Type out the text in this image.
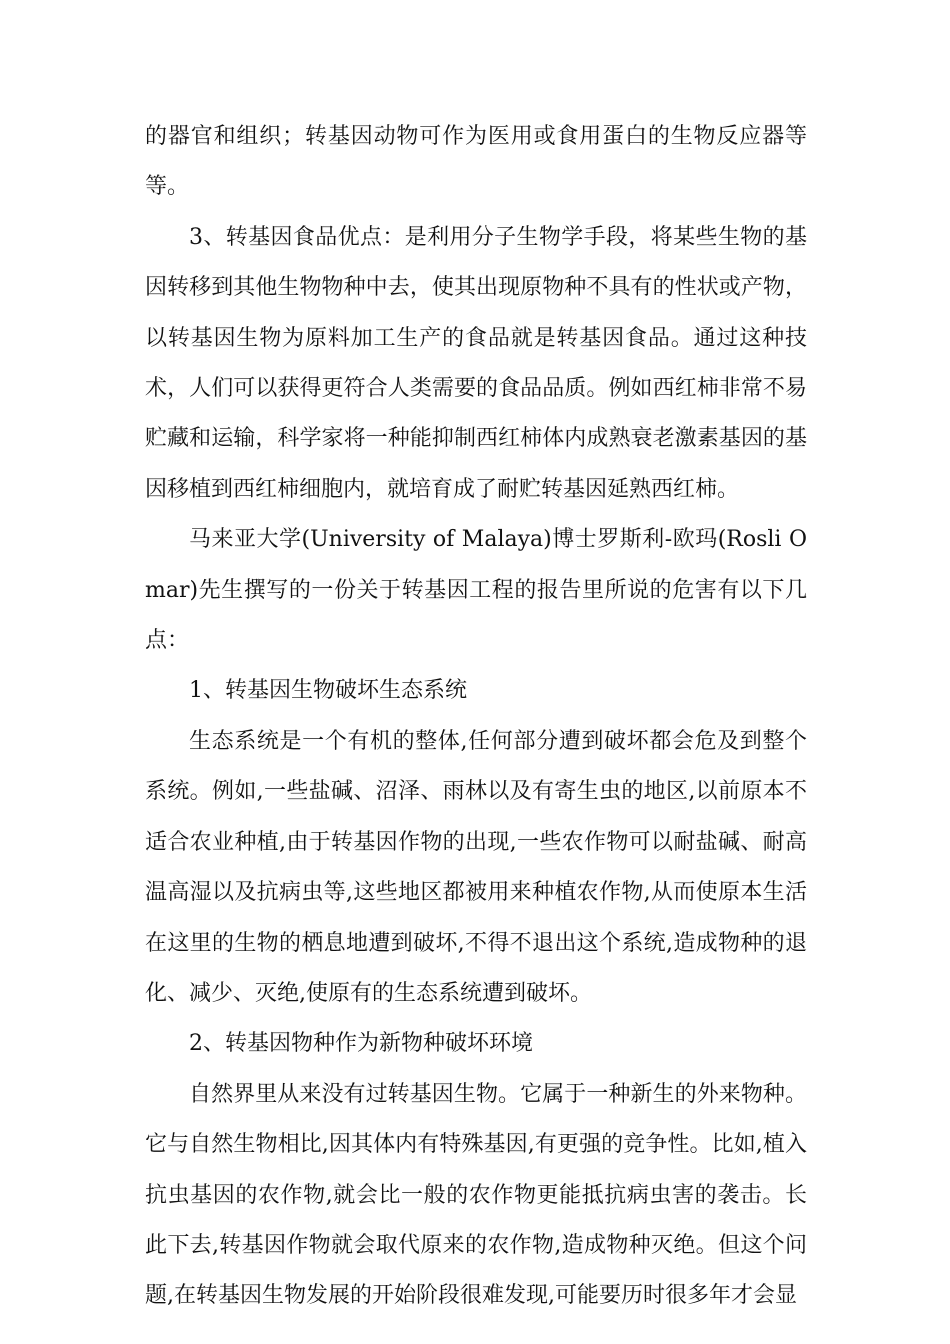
的器官和组织；转基因动物可作为医用或食用蛋白的生物反应器等等。

3、转基因食品优点：是利用分子生物学手段，将某些生物的基因转移到其他生物物种中去，使其出现原物种不具有的性状或产物，以转基因生物为原料加工生产的食品就是转基因食品。通过这种技术，人们可以获得更符合人类需要的食品品质。例如西红柿非常不易贮藏和运输，科学家将一种能抑制西红柿体内成熟衰老激素基因的基因移植到西红柿细胞内，就培育成了耐贮转基因延熟西红柿。

马来亚大学(University of Malaya)博士罗斯利-欧玛(Rosli Omar)先生撰写的一份关于转基因工程的报告里所说的危害有以下几点：

1、转基因生物破坏生态系统

生态系统是一个有机的整体,任何部分遭到破坏都会危及到整个系统。例如,一些盐碱、沼泽、雨林以及有寄生虫的地区,以前原本不适合农业种植,由于转基因作物的出现,一些农作物可以耐盐碱、耐高温高湿以及抗病虫等,这些地区都被用来种植农作物,从而使原本生活在这里的生物的栖息地遭到破坏,不得不退出这个系统,造成物种的退化、减少、灭绝,使原有的生态系统遭到破坏。

2、转基因物种作为新物种破坏环境

自然界里从来没有过转基因生物。它属于一种新生的外来物种。它与自然生物相比,因其体内有特殊基因,有更强的竞争性。比如,植入抗虫基因的农作物,就会比一般的农作物更能抵抗病虫害的袭击。长此下去,转基因作物就会取代原来的农作物,造成物种灭绝。但这个问题,在转基因生物发展的开始阶段很难发现,可能要历时很多年才会显
